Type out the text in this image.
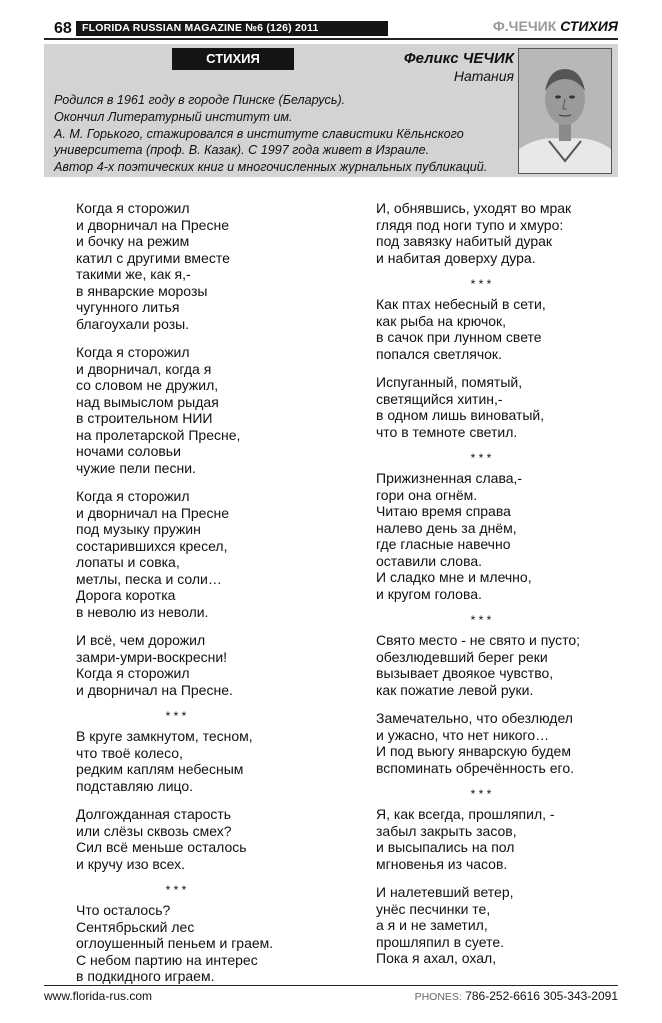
68 FLORIDA RUSSIAN MAGAZINE №6 (126) 2011	Ф.ЧЕЧИК СТИХИЯ
СТИХИЯ	Феликс ЧЕЧИК
Натания
Родился в 1961 году в городе Пинске (Беларусь).
Окончил Литературный институт им.
А. М. Горького, стажировался в институте славистики Кёльнского
университета (проф. В. Казак). С 1997 года живет в Израиле.
Автор 4-х поэтических книг и многочисленных журнальных публикаций.
Когда я сторожил
и дворничал на Пресне
и бочку на режим
катил с другими вместе
такими же, как я,-
в январские морозы
чугунного литья
благоухали розы.
Когда я сторожил
и дворничал, когда я
со словом не дружил,
над вымыслом рыдая
в строительном НИИ
на пролетарской Пресне,
ночами соловьи
чужие пели песни.
Когда я сторожил
и дворничал на Пресне
под музыку пружин
состарившихся кресел,
лопаты и совка,
метлы, песка и соли…
Дорога коротка
в неволю из неволи.
И всё, чем дорожил
замри-умри-воскресни!
Когда я сторожил
и дворничал на Пресне.
* * *
В круге замкнутом, тесном,
что твоё колесо,
редким каплям небесным
подставляю лицо.
Долгожданная старость
или слёзы сквозь смех?
Сил всё меньше осталось
и кручу изо всех.
* * *
Что осталось?
Сентябрьский лес
оглоушенный пеньем и граем.
С небом партию на интерес
в подкидного играем.
И, обнявшись, уходят во мрак
глядя под ноги тупо и хмуро:
под завязку набитый дурак
и набитая доверху дура.
* * *
Как птах небесный в сети,
как рыба на крючок,
в сачок при лунном свете
попался светлячок.
Испуганный, помятый,
светящийся хитин,-
в одном лишь виноватый,
что в темноте светил.
* * *
Прижизненная слава,-
гори она огнём.
Читаю время справа
налево день за днём,
где гласные навечно
оставили слова.
И сладко мне и млечно,
и кругом голова.
* * *
Свято место - не свято и пусто;
обезлюдевший берег реки
вызывает двоякое чувство,
как пожатие левой руки.
Замечательно, что обезлюдел
и ужасно, что нет никого…
И под вьюгу январскую будем
вспоминать обречённость его.
* * *
Я, как всегда, прошляпил, -
забыл закрыть засов,
и высыпались на пол
мгновенья из часов.
И налетевший ветер,
унёс песчинки те,
а я и не заметил,
прошляпил в суете.
Пока я ахал, охал,
www.florida-rus.com	PHONES: 786-252-6616 305-343-2091
